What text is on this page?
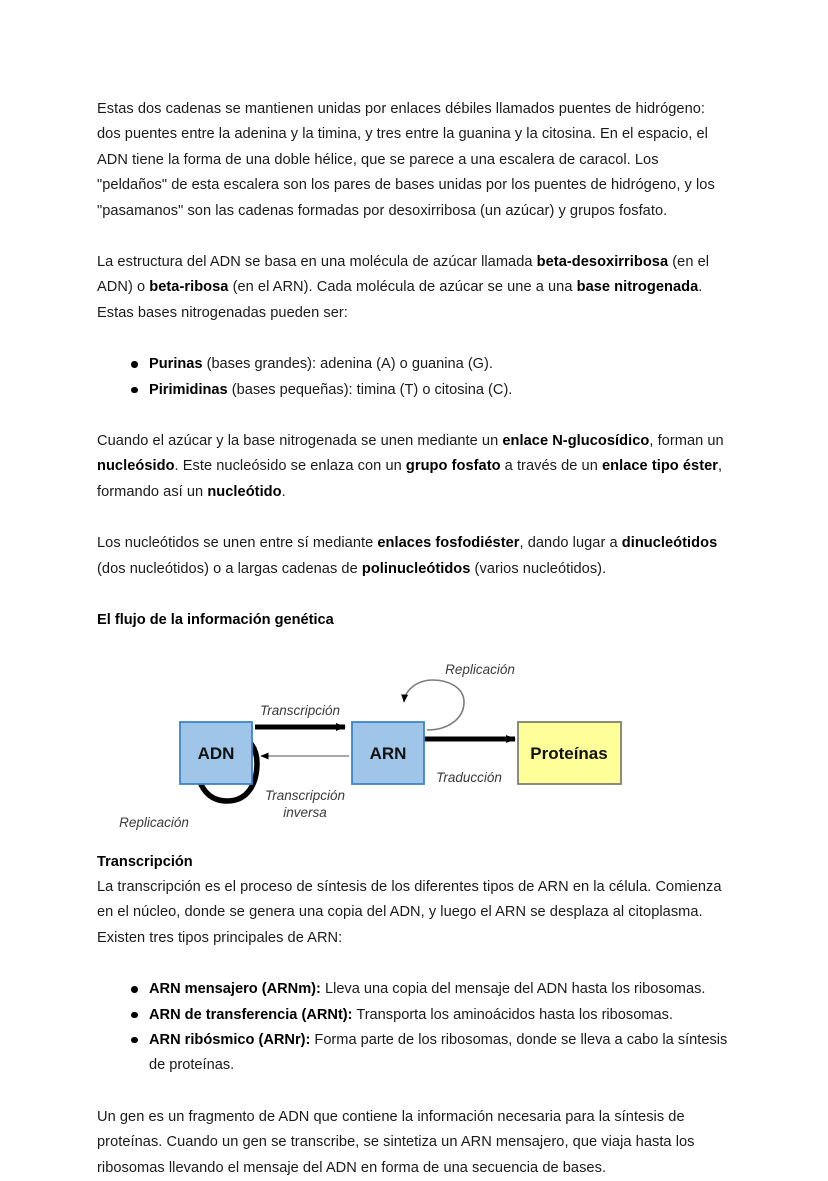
Estas dos cadenas se mantienen unidas por enlaces débiles llamados puentes de hidrógeno: dos puentes entre la adenina y la timina, y tres entre la guanina y la citosina. En el espacio, el ADN tiene la forma de una doble hélice, que se parece a una escalera de caracol. Los "peldaños" de esta escalera son los pares de bases unidas por los puentes de hidrógeno, y los "pasamanos" son las cadenas formadas por desoxirribosa (un azúcar) y grupos fosfato.

La estructura del ADN se basa en una molécula de azúcar llamada beta-desoxirribosa (en el ADN) o beta-ribosa (en el ARN). Cada molécula de azúcar se une a una base nitrogenada. Estas bases nitrogenadas pueden ser:

Purinas (bases grandes): adenina (A) o guanina (G).
Pirimidinas (bases pequeñas): timina (T) o citosina (C).

Cuando el azúcar y la base nitrogenada se unen mediante un enlace N-glucosídico, forman un nucleósido. Este nucleósido se enlaza con un grupo fosfato a través de un enlace tipo éster, formando así un nucleótido.

Los nucleótidos se unen entre sí mediante enlaces fosfodiéster, dando lugar a dinucleótidos (dos nucleótidos) o a largas cadenas de polinucleótidos (varios nucleótidos).

El flujo de la información genética
ADN	ARN	Proteínas
Transcripción
Transcripción
inversa
Traducción
Replicación
Replicación
Transcripción

La transcripción es el proceso de síntesis de los diferentes tipos de ARN en la célula. Comienza en el núcleo, donde se genera una copia del ADN, y luego el ARN se desplaza al citoplasma. Existen tres tipos principales de ARN:

ARN mensajero (ARNm): Lleva una copia del mensaje del ADN hasta los ribosomas.
ARN de transferencia (ARNt): Transporta los aminoácidos hasta los ribosomas.
ARN ribósmico (ARNr): Forma parte de los ribosomas, donde se lleva a cabo la síntesis de proteínas.

Un gen es un fragmento de ADN que contiene la información necesaria para la síntesis de proteínas. Cuando un gen se transcribe, se sintetiza un ARN mensajero, que viaja hasta los ribosomas llevando el mensaje del ADN en forma de una secuencia de bases.
